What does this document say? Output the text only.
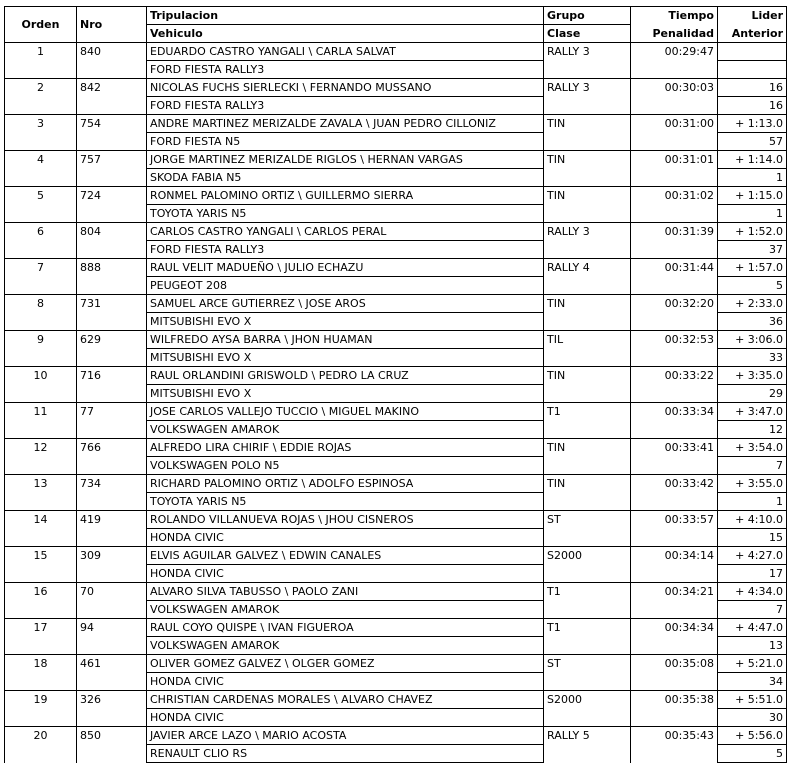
Orden	Nro	Tripulacion	Grupo	Tiempo	Lider
		Vehiculo	Clase	Penalidad	Anterior
1	840	EDUARDO CASTRO YANGALI \ CARLA SALVAT	RALLY 3	00:29:47	
		FORD FIESTA RALLY3			
2	842	NICOLAS FUCHS SIERLECKI \ FERNANDO MUSSANO	RALLY 3	00:30:03	16
		FORD FIESTA RALLY3			16
3	754	ANDRE MARTINEZ MERIZALDE ZAVALA \ JUAN PEDRO CILLONIZ	TIN	00:31:00	+ 1:13.0
		FORD FIESTA N5			57
4	757	JORGE MARTINEZ MERIZALDE RIGLOS \ HERNAN VARGAS	TIN	00:31:01	+ 1:14.0
		SKODA FABIA N5			1
5	724	RONMEL PALOMINO ORTIZ \ GUILLERMO SIERRA	TIN	00:31:02	+ 1:15.0
		TOYOTA YARIS N5			1
6	804	CARLOS CASTRO YANGALI \ CARLOS PERAL	RALLY 3	00:31:39	+ 1:52.0
		FORD FIESTA RALLY3			37
7	888	RAUL VELIT MADUEÑO \ JULIO ECHAZU	RALLY 4	00:31:44	+ 1:57.0
		PEUGEOT 208			5
8	731	SAMUEL ARCE GUTIERREZ \ JOSE AROS	TIN	00:32:20	+ 2:33.0
		MITSUBISHI EVO X			36
9	629	WILFREDO AYSA BARRA \ JHON HUAMAN	TIL	00:32:53	+ 3:06.0
		MITSUBISHI EVO X			33
10	716	RAUL ORLANDINI GRISWOLD \ PEDRO LA CRUZ	TIN	00:33:22	+ 3:35.0
		MITSUBISHI EVO X			29
11	77	JOSE CARLOS VALLEJO TUCCIO \ MIGUEL MAKINO	T1	00:33:34	+ 3:47.0
		VOLKSWAGEN AMAROK			12
12	766	ALFREDO LIRA CHIRIF \ EDDIE ROJAS	TIN	00:33:41	+ 3:54.0
		VOLKSWAGEN POLO N5			7
13	734	RICHARD PALOMINO ORTIZ \ ADOLFO ESPINOSA	TIN	00:33:42	+ 3:55.0
		TOYOTA YARIS N5			1
14	419	ROLANDO VILLANUEVA ROJAS \ JHOU CISNEROS	ST	00:33:57	+ 4:10.0
		HONDA CIVIC			15
15	309	ELVIS AGUILAR GALVEZ \ EDWIN CANALES	S2000	00:34:14	+ 4:27.0
		HONDA CIVIC			17
16	70	ALVARO SILVA TABUSSO \ PAOLO ZANI	T1	00:34:21	+ 4:34.0
		VOLKSWAGEN AMAROK			7
17	94	RAUL COYO QUISPE \ IVAN FIGUEROA	T1	00:34:34	+ 4:47.0
		VOLKSWAGEN AMAROK			13
18	461	OLIVER GOMEZ GALVEZ \ OLGER GOMEZ	ST	00:35:08	+ 5:21.0
		HONDA CIVIC			34
19	326	CHRISTIAN CARDENAS MORALES \ ALVARO CHAVEZ	S2000	00:35:38	+ 5:51.0
		HONDA CIVIC			30
20	850	JAVIER ARCE LAZO \ MARIO ACOSTA	RALLY 5	00:35:43	+ 5:56.0
		RENAULT CLIO RS			5
